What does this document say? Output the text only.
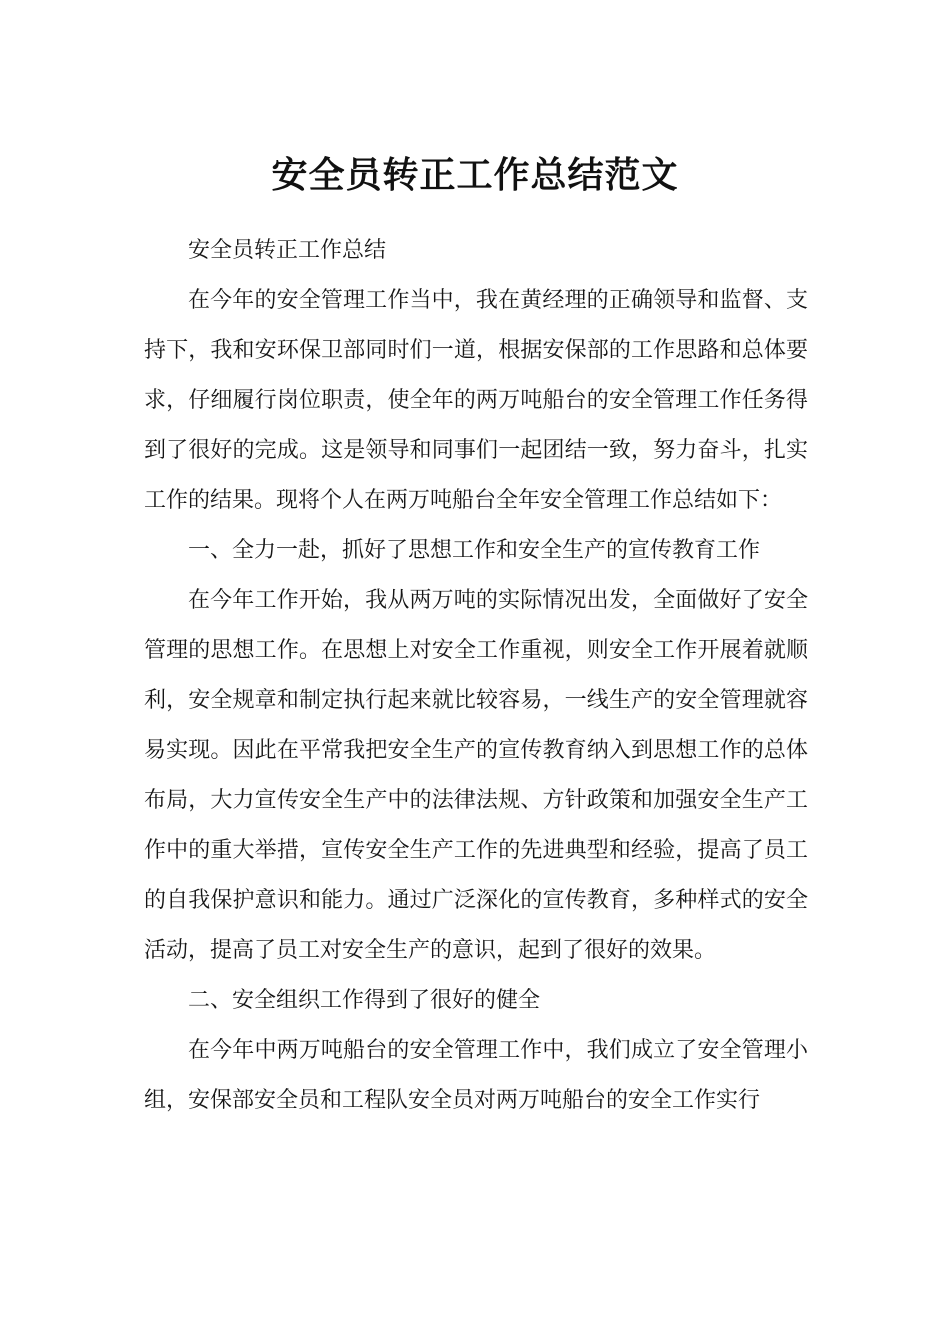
安全员转正工作总结范文

安全员转正工作总结

在今年的安全管理工作当中，我在黄经理的正确领导和监督、支持下，我和安环保卫部同时们一道，根据安保部的工作思路和总体要求，仔细履行岗位职责，使全年的两万吨船台的安全管理工作任务得到了很好的完成。这是领导和同事们一起团结一致，努力奋斗，扎实工作的结果。现将个人在两万吨船台全年安全管理工作总结如下：

一、全力一赴，抓好了思想工作和安全生产的宣传教育工作

在今年工作开始，我从两万吨的实际情况出发，全面做好了安全管理的思想工作。在思想上对安全工作重视，则安全工作开展着就顺利，安全规章和制定执行起来就比较容易，一线生产的安全管理就容易实现。因此在平常我把安全生产的宣传教育纳入到思想工作的总体布局，大力宣传安全生产中的法律法规、方针政策和加强安全生产工作中的重大举措，宣传安全生产工作的先进典型和经验，提高了员工的自我保护意识和能力。通过广泛深化的宣传教育，多种样式的安全活动，提高了员工对安全生产的意识，起到了很好的效果。

二、安全组织工作得到了很好的健全

在今年中两万吨船台的安全管理工作中，我们成立了安全管理小组，安保部安全员和工程队安全员对两万吨船台的安全工作实行
